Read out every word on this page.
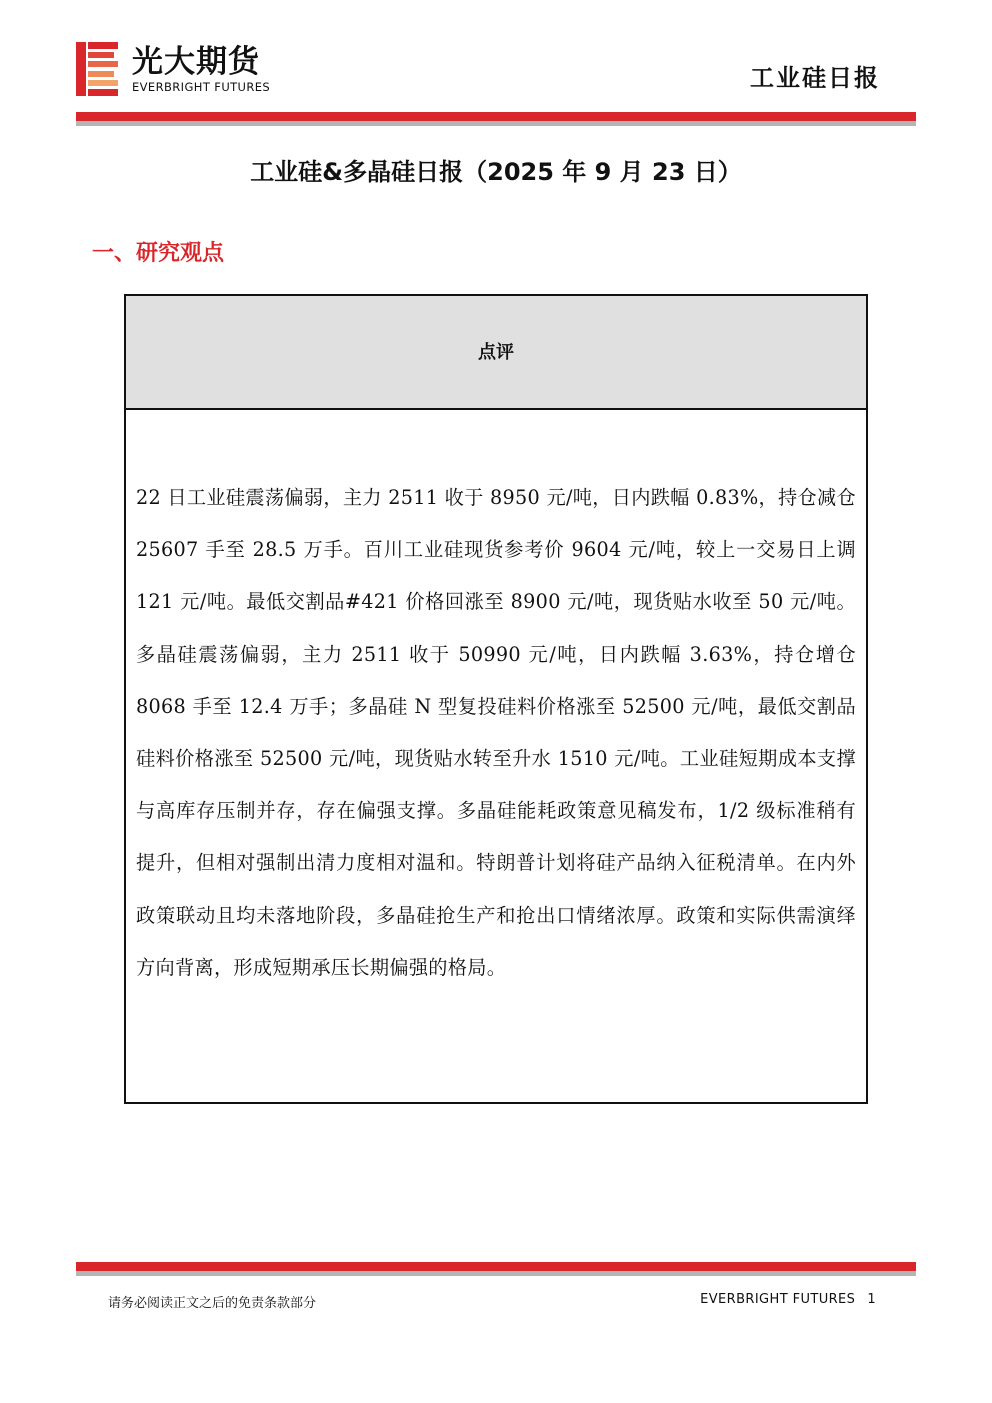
光大期货
EVERBRIGHT FUTURES	工业硅日报
工业硅&多晶硅日报（2025 年 9 月 23 日）
一、研究观点
点评
22 日工业硅震荡偏弱，主力 2511 收于 8950 元/吨，日内跌幅 0.83%，持仓减仓 25607 手至 28.5 万手。百川工业硅现货参考价 9604 元/吨，较上一交易日上调 121 元/吨。最低交割品#421 价格回涨至 8900 元/吨，现货贴水收至 50 元/吨。多晶硅震荡偏弱，主力 2511 收于 50990 元/吨，日内跌幅 3.63%，持仓增仓 8068 手至 12.4 万手；多晶硅 N 型复投硅料价格涨至 52500 元/吨，最低交割品硅料价格涨至 52500 元/吨，现货贴水转至升水 1510 元/吨。工业硅短期成本支撑与高库存压制并存，存在偏强支撑。多晶硅能耗政策意见稿发布，1/2 级标准稍有提升，但相对强制出清力度相对温和。特朗普计划将硅产品纳入征税清单。在内外政策联动且均未落地阶段，多晶硅抢生产和抢出口情绪浓厚。政策和实际供需演绎方向背离，形成短期承压长期偏强的格局。
请务必阅读正文之后的免责条款部分	EVERBRIGHT FUTURES 1
